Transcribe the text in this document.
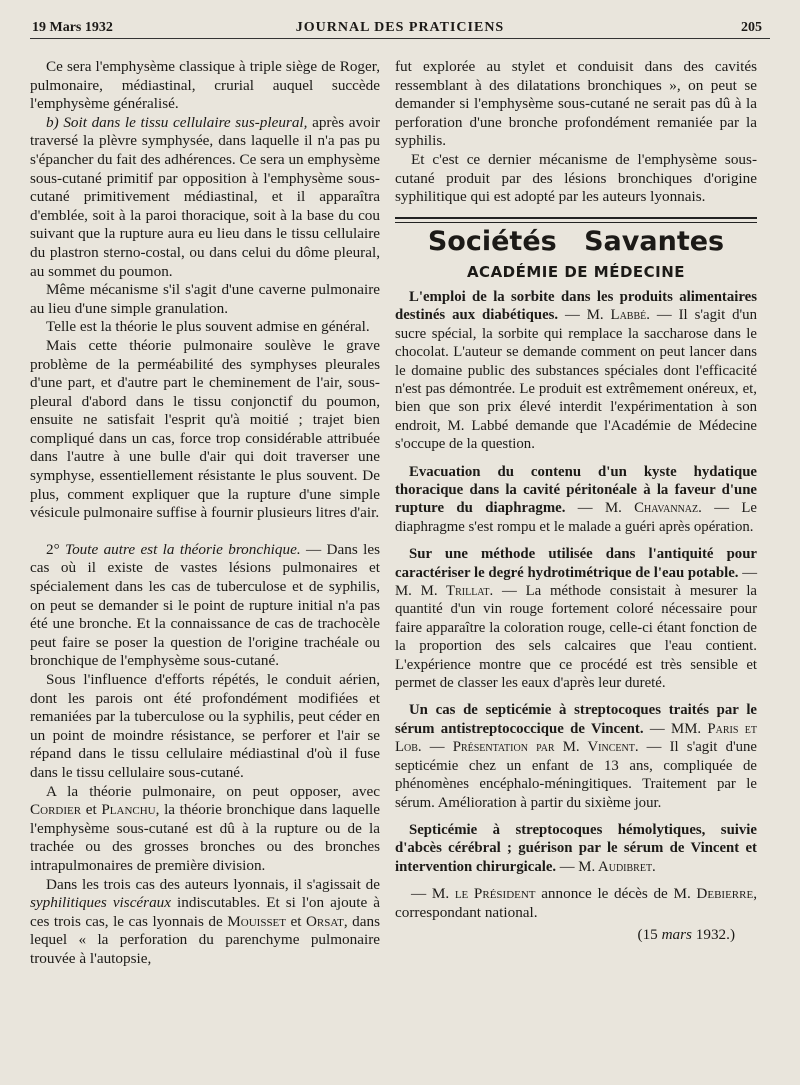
19 Mars 1932	JOURNAL DES PRATICIENS	205

Ce sera l'emphysème classique à triple siège de Roger, pulmonaire, médiastinal, crurial auquel succède l'emphysème généralisé.

b) Soit dans le tissu cellulaire sus-pleural, après avoir traversé la plèvre symphysée, dans laquelle il n'a pas pu s'épancher du fait des adhérences. Ce sera un emphysème sous-cutané primitif par opposition à l'emphysème sous-cutané primitivement médiastinal, et il apparaîtra d'emblée, soit à la paroi thoracique, soit à la base du cou suivant que la rupture aura eu lieu dans le tissu cellulaire du plastron sterno-costal, ou dans celui du dôme pleural, au sommet du poumon.

Même mécanisme s'il s'agit d'une caverne pulmonaire au lieu d'une simple granulation.

Telle est la théorie le plus souvent admise en général.

Mais cette théorie pulmonaire soulève le grave problème de la perméabilité des symphyses pleurales d'une part, et d'autre part le cheminement de l'air, sous-pleural d'abord dans le tissu conjonctif du poumon, ensuite ne satisfait l'esprit qu'à moitié ; trajet bien compliqué dans un cas, force trop considérable attribuée dans l'autre à une bulle d'air qui doit traverser une symphyse, essentiellement résistante le plus souvent. De plus, comment expliquer que la rupture d'une simple vésicule pulmonaire suffise à fournir plusieurs litres d'air.

2° Toute autre est la théorie bronchique. — Dans les cas où il existe de vastes lésions pulmonaires et spécialement dans les cas de tuberculose et de syphilis, on peut se demander si le point de rupture initial n'a pas été une bronche. Et la connaissance de cas de trachocèle peut faire se poser la question de l'origine trachéale ou bronchique de l'emphysème sous-cutané.

Sous l'influence d'efforts répétés, le conduit aérien, dont les parois ont été profondément modifiées et remaniées par la tuberculose ou la syphilis, peut céder en un point de moindre résistance, se perforer et l'air se répand dans le tissu cellulaire médiastinal d'où il fuse dans le tissu cellulaire sous-cutané.

A la théorie pulmonaire, on peut opposer, avec Cordier et Planchu, la théorie bronchique dans laquelle l'emphysème sous-cutané est dû à la rupture ou de la trachée ou des grosses bronches ou des bronches intrapulmonaires de première division.

Dans les trois cas des auteurs lyonnais, il s'agissait de syphilitiques viscéraux indiscutables. Et si l'on ajoute à ces trois cas, le cas lyonnais de Mouisset et Orsat, dans lequel « la perforation du parenchyme pulmonaire trouvée à l'autopsie,

fut explorée au stylet et conduisit dans des cavités ressemblant à des dilatations bronchiques », on peut se demander si l'emphysème sous-cutané ne serait pas dû à la perforation d'une bronche profondément remaniée par la syphilis.

Et c'est ce dernier mécanisme de l'emphysème sous-cutané produit par des lésions bronchiques d'origine syphilitique qui est adopté par les auteurs lyonnais.

Sociétés Savantes
ACADÉMIE DE MÉDECINE

L'emploi de la sorbite dans les produits alimentaires destinés aux diabétiques. — M. Labbé. — Il s'agit d'un sucre spécial, la sorbite qui remplace la saccharose dans le chocolat. L'auteur se demande comment on peut lancer dans le domaine public des substances spéciales dont l'efficacité n'est pas démontrée. Le produit est extrêmement onéreux, et, bien que son prix élevé interdit l'expérimentation à son endroit, M. Labbé demande que l'Académie de Médecine s'occupe de la question.

Evacuation du contenu d'un kyste hydatique thoracique dans la cavité péritonéale à la faveur d'une rupture du diaphragme. — M. Chavannaz. — Le diaphragme s'est rompu et le malade a guéri après opération.

Sur une méthode utilisée dans l'antiquité pour caractériser le degré hydrotimétrique de l'eau potable. — M. M. Trillat. — La méthode consistait à mesurer la quantité d'un vin rouge fortement coloré nécessaire pour faire apparaître la coloration rouge, celle-ci étant fonction de la proportion des sels calcaires que l'eau contient. L'expérience montre que ce procédé est très sensible et permet de classer les eaux d'après leur dureté.

Un cas de septicémie à streptocoques traités par le sérum antistreptococcique de Vincent. — MM. Paris et Lob. — Présentation par M. Vincent. — Il s'agit d'une septicémie chez un enfant de 13 ans, compliquée de phénomènes encéphalo-méningitiques. Traitement par le sérum. Amélioration à partir du sixième jour.

Septicémie à streptocoques hémolytiques, suivie d'abcès cérébral ; guérison par le sérum de Vincent et intervention chirurgicale. — M. Audibret.

— M. le Président annonce le décès de M. Debierre, correspondant national.

(15 mars 1932.)
